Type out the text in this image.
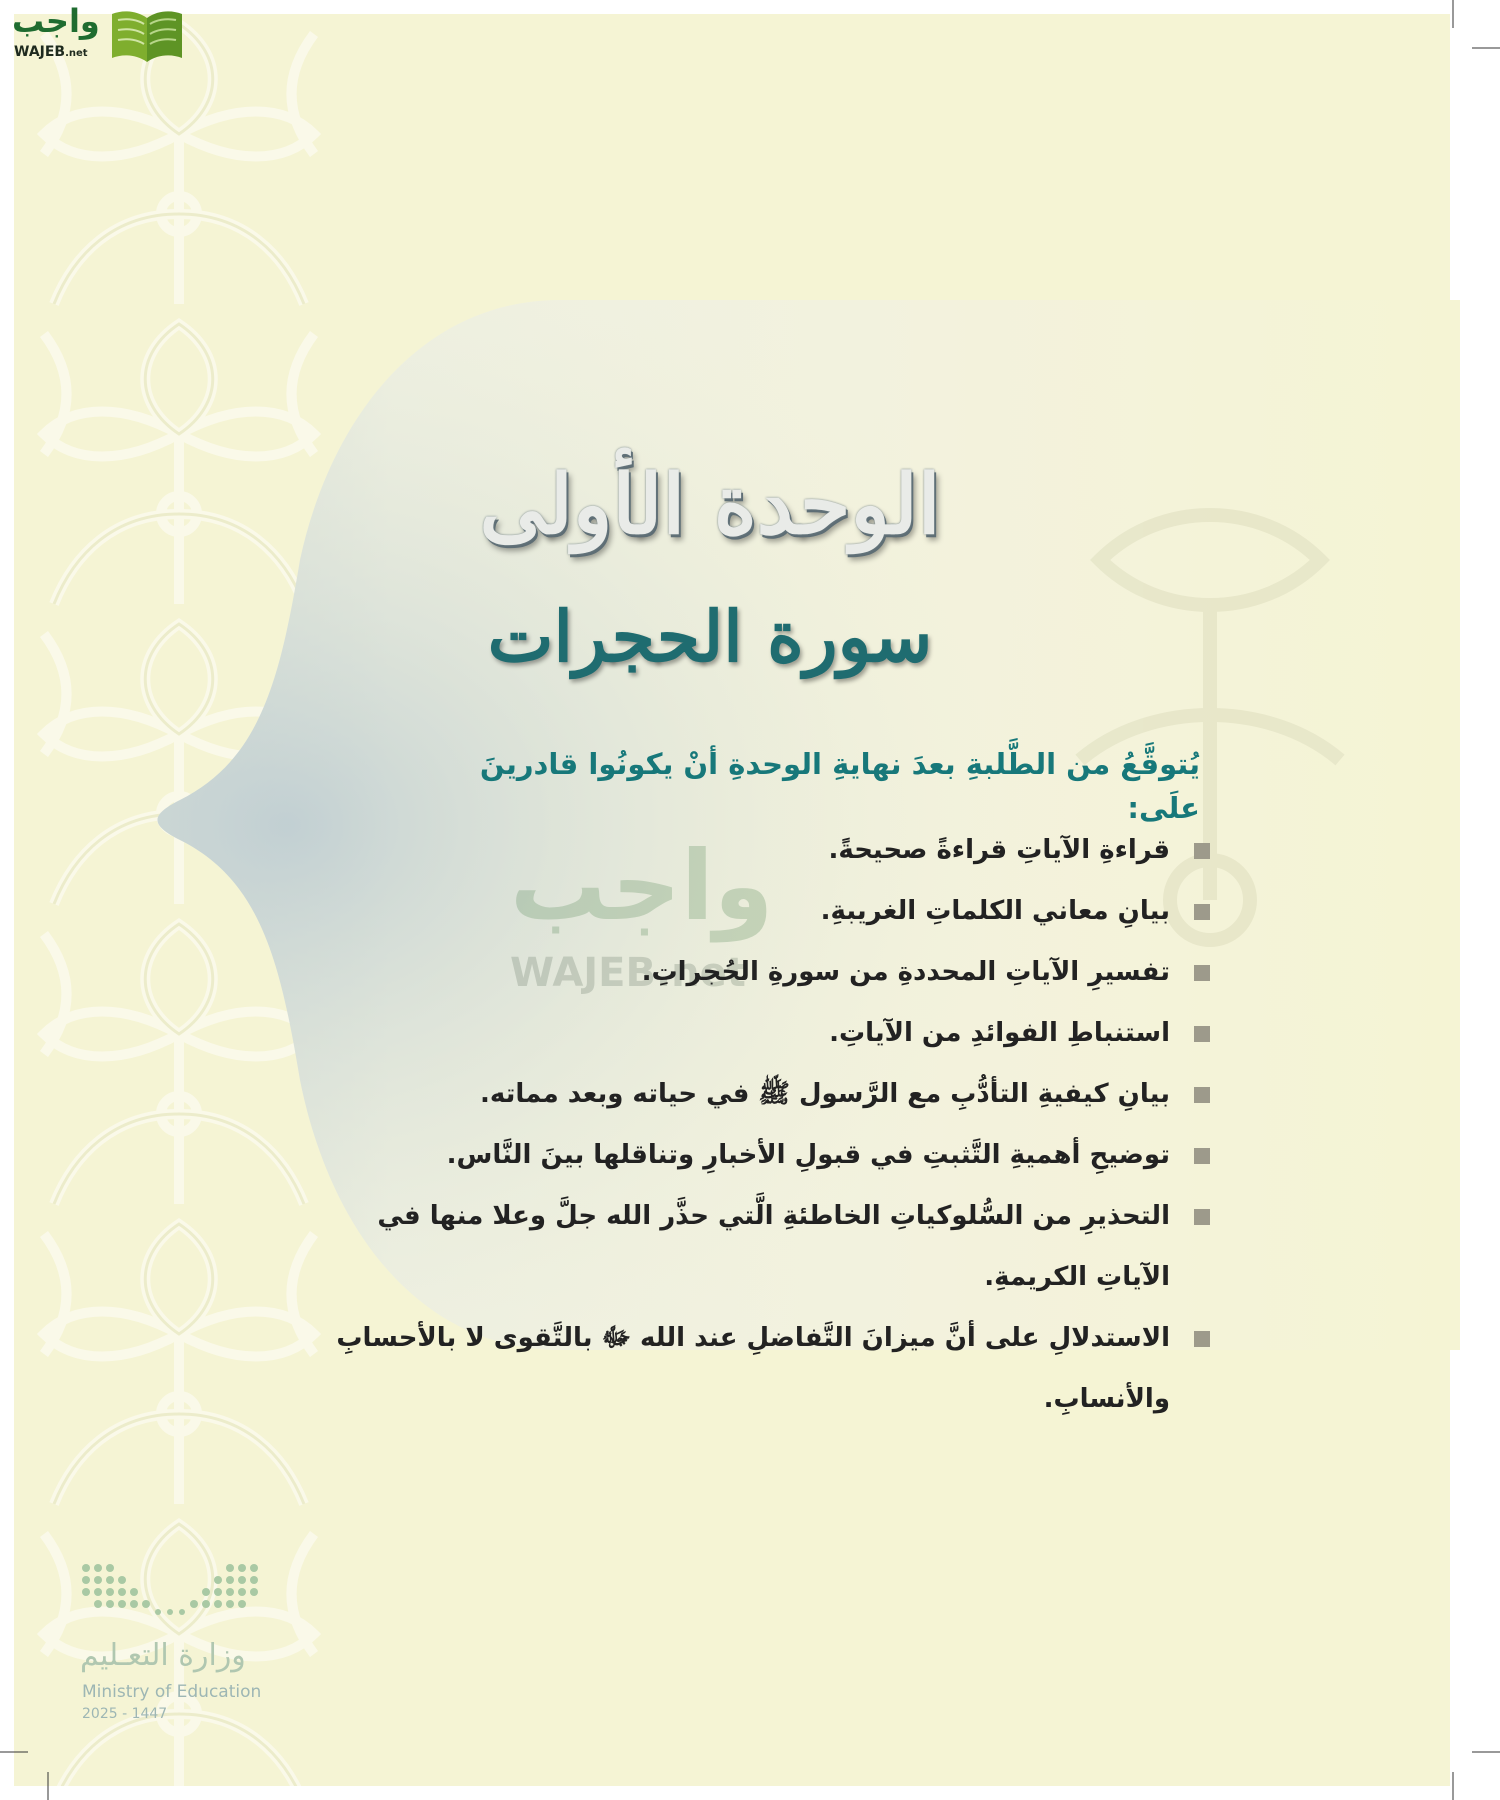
واجب
WAJEB.net
واجب
WAJEB.net
الوحدة الأولى
سورة الحجرات
يُتوقَّعُ من الطَّلبةِ بعدَ نهايةِ الوحدةِ أنْ يكونُوا قادرينَ علَى:
قراءةِ الآياتِ قراءةً صحيحةً.
بيانِ معاني الكلماتِ الغريبةِ.
تفسيرِ الآياتِ المحددةِ من سورةِ الحُجراتِ.
استنباطِ الفوائدِ من الآياتِ.
بيانِ كيفيةِ التأدُّبِ مع الرَّسول ﷺ في حياته وبعد مماته.
توضيحِ أهميةِ التَّثبتِ في قبولِ الأخبارِ وتناقلها بينَ النَّاس.
التحذيرِ من السُّلوكياتِ الخاطئةِ الَّتي حذَّر الله جلَّ وعلا منها في الآياتِ الكريمةِ.
الاستدلالِ على أنَّ ميزانَ التَّفاضلِ عند الله ﷻ بالتَّقوى لا بالأحسابِ والأنسابِ.
وزارة التعـليم
Ministry of Education
2025 - 1447
